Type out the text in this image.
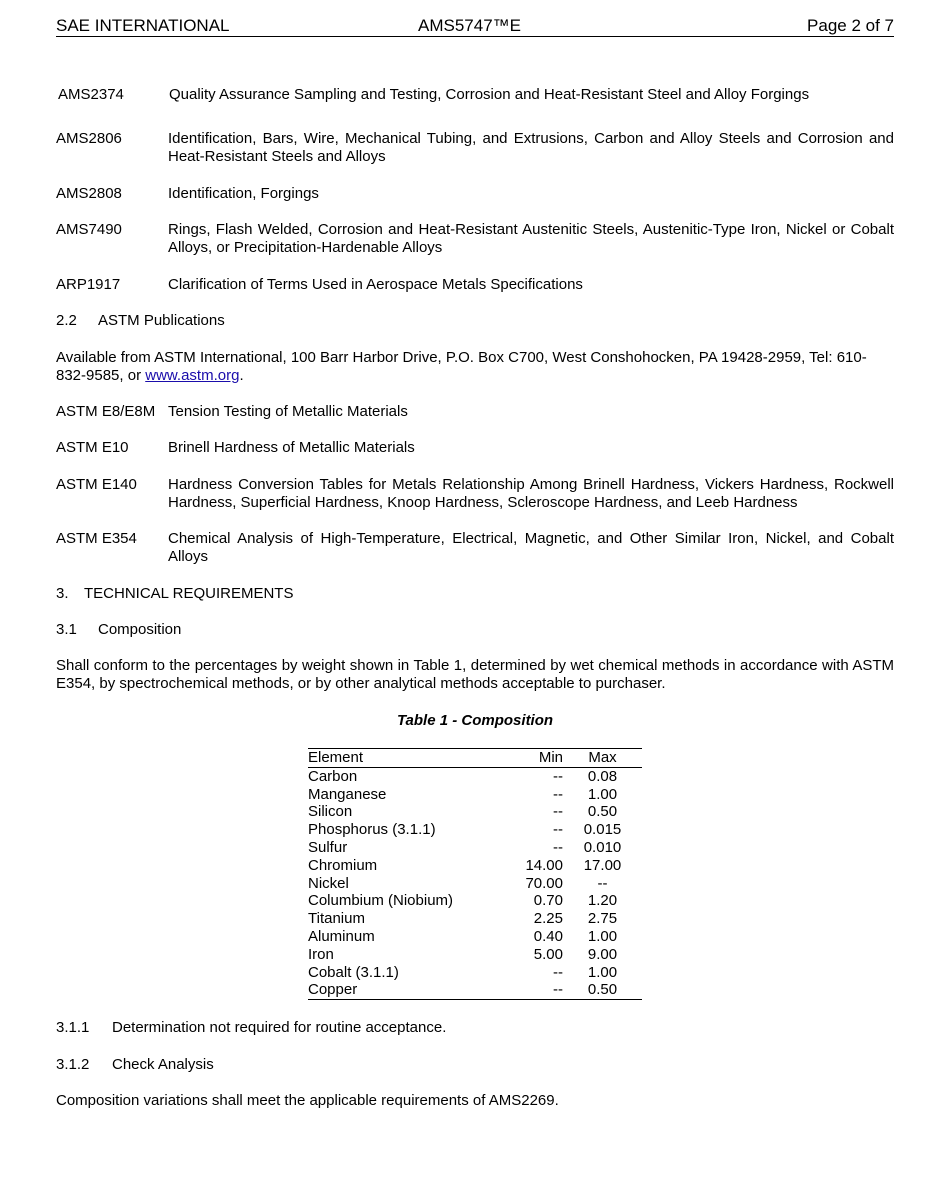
SAE INTERNATIONAL	AMS5747™E	Page 2 of 7
AMS2374	Quality Assurance Sampling and Testing, Corrosion and Heat-Resistant Steel and Alloy Forgings
AMS2806	Identification, Bars, Wire, Mechanical Tubing, and Extrusions, Carbon and Alloy Steels and Corrosion and Heat-Resistant Steels and Alloys
AMS2808	Identification, Forgings
AMS7490	Rings, Flash Welded, Corrosion and Heat-Resistant Austenitic Steels, Austenitic-Type Iron, Nickel or Cobalt Alloys, or Precipitation-Hardenable Alloys
ARP1917	Clarification of Terms Used in Aerospace Metals Specifications
2.2 ASTM Publications
Available from ASTM International, 100 Barr Harbor Drive, P.O. Box C700, West Conshohocken, PA 19428-2959, Tel: 610-832-9585, or www.astm.org.
ASTM E8/E8M Tension Testing of Metallic Materials
ASTM E10	Brinell Hardness of Metallic Materials
ASTM E140	Hardness Conversion Tables for Metals Relationship Among Brinell Hardness, Vickers Hardness, Rockwell Hardness, Superficial Hardness, Knoop Hardness, Scleroscope Hardness, and Leeb Hardness
ASTM E354	Chemical Analysis of High-Temperature, Electrical, Magnetic, and Other Similar Iron, Nickel, and Cobalt Alloys
3. TECHNICAL REQUIREMENTS
3.1 Composition
Shall conform to the percentages by weight shown in Table 1, determined by wet chemical methods in accordance with ASTM E354, by spectrochemical methods, or by other analytical methods acceptable to purchaser.
Table 1 - Composition
Element	Min	Max
Carbon	--	0.08
Manganese	--	1.00
Silicon	--	0.50
Phosphorus (3.1.1)	--	0.015
Sulfur	--	0.010
Chromium	14.00	17.00
Nickel	70.00	--
Columbium (Niobium)	0.70	1.20
Titanium	2.25	2.75
Aluminum	0.40	1.00
Iron	5.00	9.00
Cobalt (3.1.1)	--	1.00
Copper	--	0.50
3.1.1 Determination not required for routine acceptance.
3.1.2 Check Analysis
Composition variations shall meet the applicable requirements of AMS2269.
